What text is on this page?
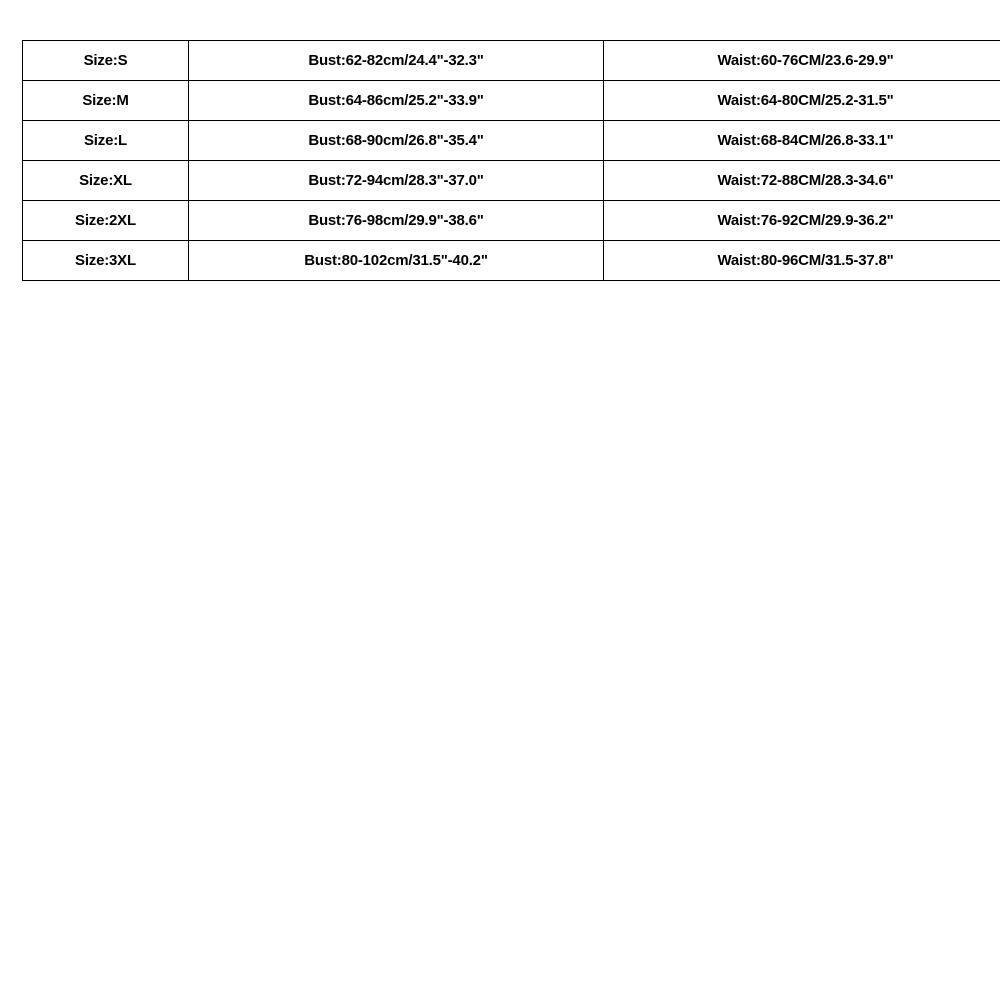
Size:S	Bust:62-82cm/24.4"-32.3"	Waist:60-76CM/23.6-29.9"
Size:M	Bust:64-86cm/25.2"-33.9"	Waist:64-80CM/25.2-31.5"
Size:L	Bust:68-90cm/26.8"-35.4"	Waist:68-84CM/26.8-33.1"
Size:XL	Bust:72-94cm/28.3"-37.0"	Waist:72-88CM/28.3-34.6"
Size:2XL	Bust:76-98cm/29.9"-38.6"	Waist:76-92CM/29.9-36.2"
Size:3XL	Bust:80-102cm/31.5"-40.2"	Waist:80-96CM/31.5-37.8"
